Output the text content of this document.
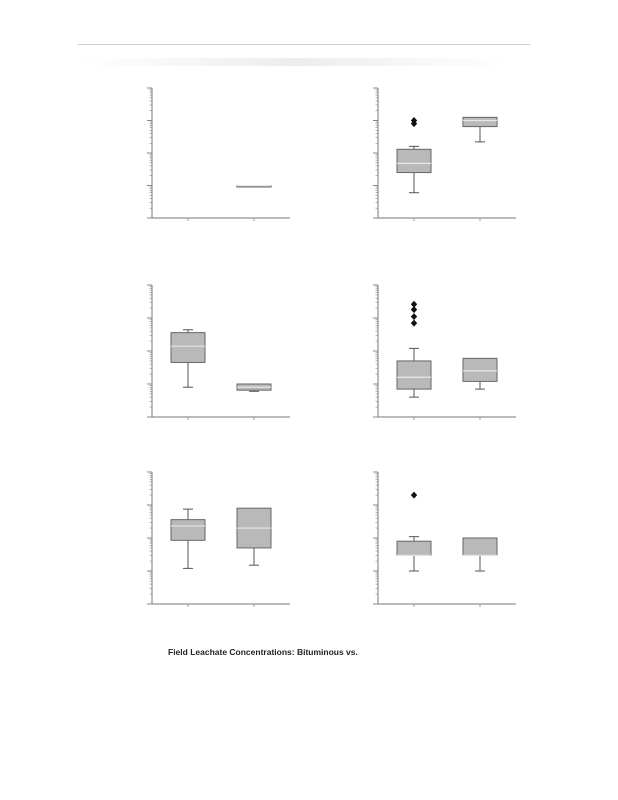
Field Leachate Concentrations: Bituminous vs.
